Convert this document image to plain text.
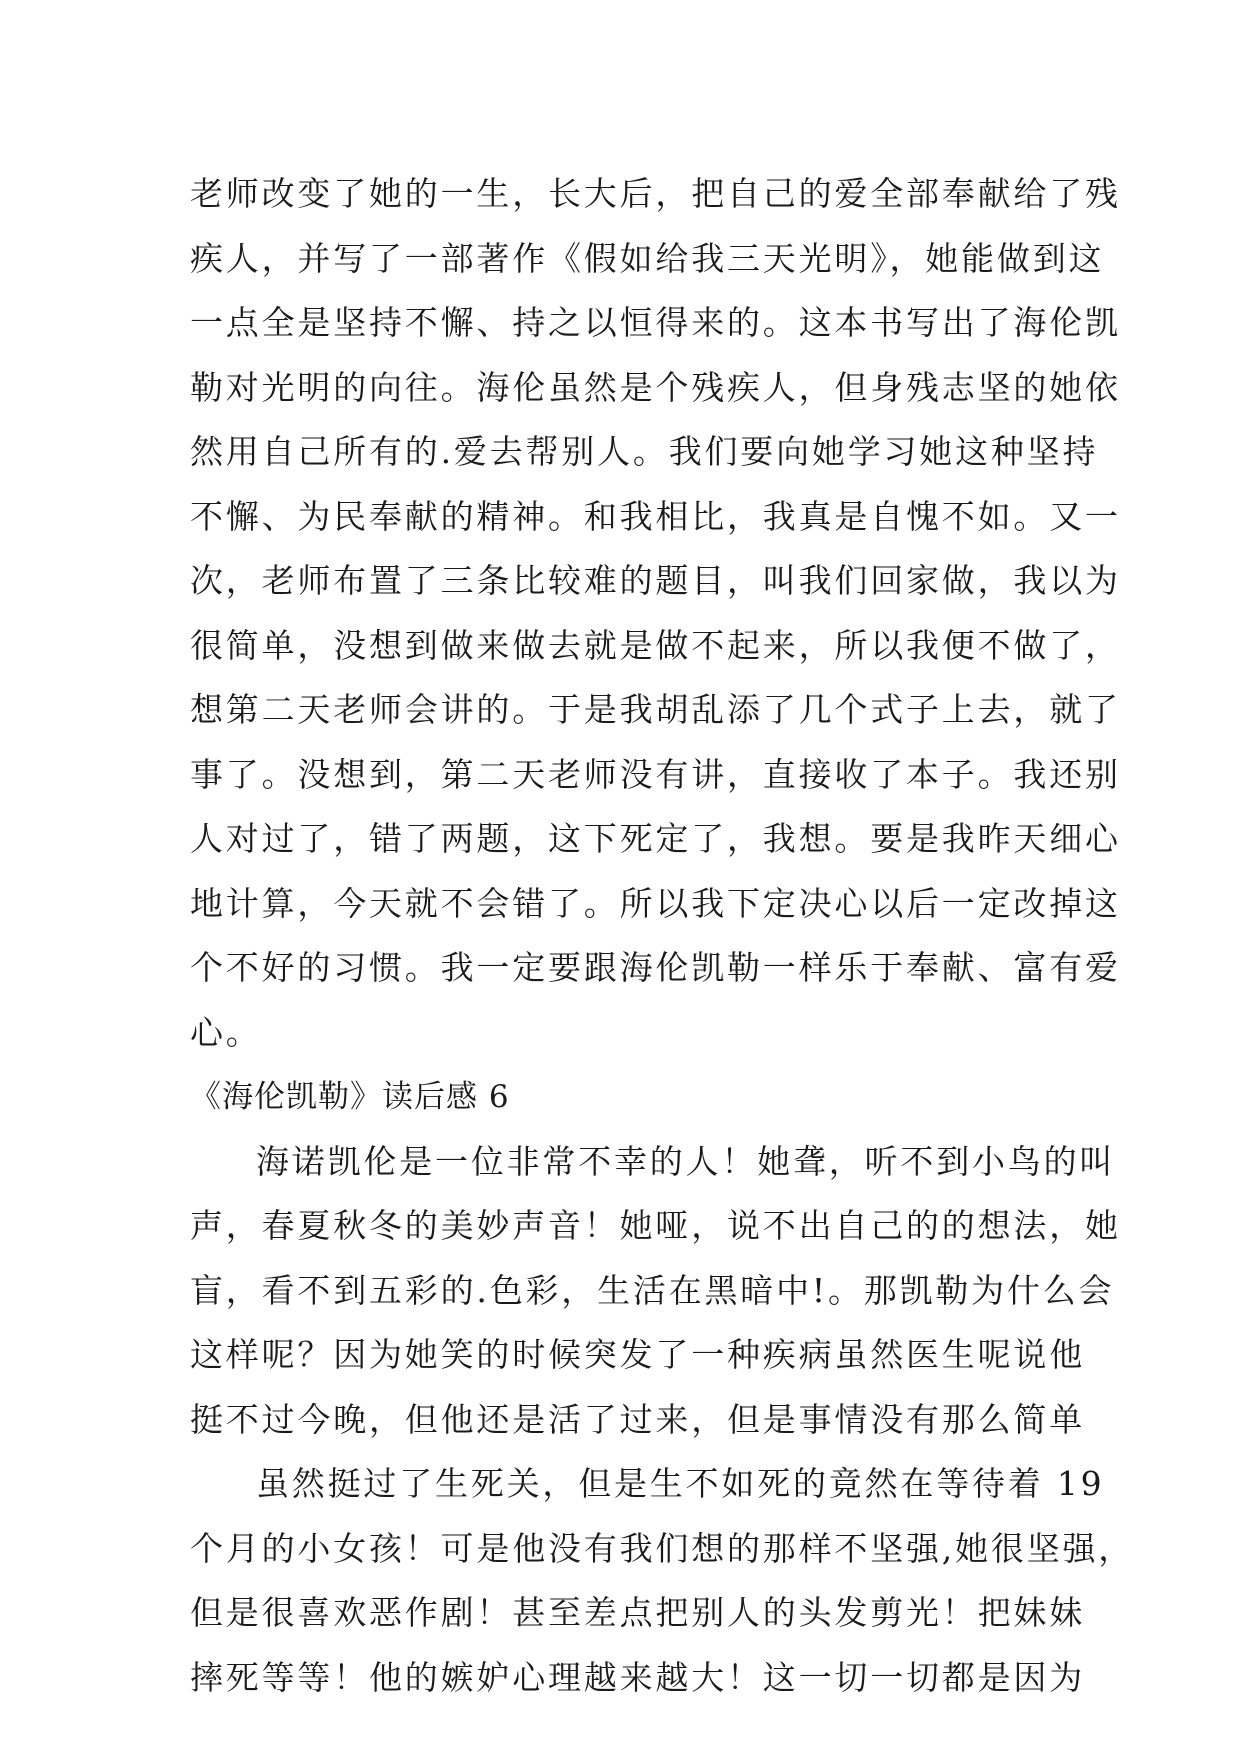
老师改变了她的一生，长大后，把自己的爱全部奉献给了残
疾人，并写了一部著作《假如给我三天光明》，她能做到这
一点全是坚持不懈、持之以恒得来的。这本书写出了海伦凯
勒对光明的向往。海伦虽然是个残疾人，但身残志坚的她依
然用自己所有的.爱去帮别人。我们要向她学习她这种坚持
不懈、为民奉献的精神。和我相比，我真是自愧不如。又一
次，老师布置了三条比较难的题目，叫我们回家做，我以为
很简单，没想到做来做去就是做不起来，所以我便不做了，
想第二天老师会讲的。于是我胡乱添了几个式子上去，就了
事了。没想到，第二天老师没有讲，直接收了本子。我还别
人对过了，错了两题，这下死定了，我想。要是我昨天细心
地计算，今天就不会错了。所以我下定决心以后一定改掉这
个不好的习惯。我一定要跟海伦凯勒一样乐于奉献、富有爱
心。
《海伦凯勒》读后感 6
海诺凯伦是一位非常不幸的人！她聋，听不到小鸟的叫
声，春夏秋冬的美妙声音！她哑，说不出自己的的想法，她
盲，看不到五彩的.色彩，生活在黑暗中!。那凯勒为什么会
这样呢？因为她笑的时候突发了一种疾病虽然医生呢说他
挺不过今晚，但他还是活了过来，但是事情没有那么简单
虽然挺过了生死关，但是生不如死的竟然在等待着 19
个月的小女孩！可是他没有我们想的那样不坚强,她很坚强，
但是很喜欢恶作剧！甚至差点把别人的头发剪光！把妹妹
摔死等等！他的嫉妒心理越来越大！这一切一切都是因为
